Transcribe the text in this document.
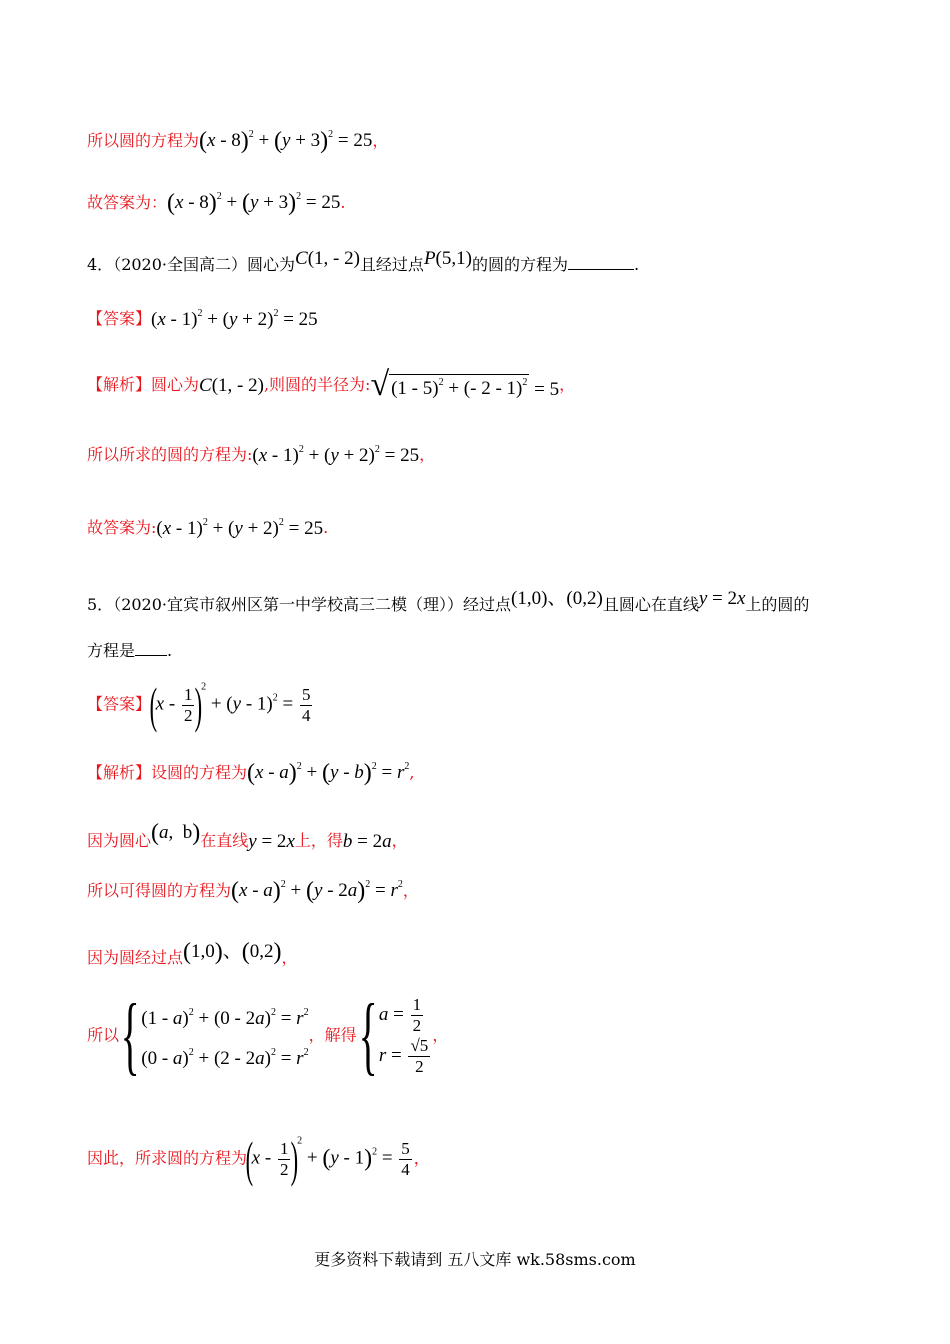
所以圆的方程为$(x - 8)^2 + (y + 3)^2 = 25$，
故答案为：$(x - 8)^2 + (y + 3)^2 = 25$.
4．（2020·全国高二）圆心为C(1, - 2)且经过点P(5,1)的圆的方程为	.
【答案】$(x - 1)^2 + (y + 2)^2 = 25$
【解析】圆心为C(1, - 2),则圆的半径为: √ (1 - 5)$^2$ + (- 2 - 1)$^2$ = 5，
所以所求的圆的方程为:(x - $1)^2 + (y + 2)^2 = 25$，
故答案为:(x - $1)^2 + (y + 2)^2 = 25$.
5．（2020·宜宾市叙州区第一中学校高三二模（理））经过点(1,0)、(0,2)且圆心在直线y = 2x上的圆的
方程是 .
【答案】$(x - \frac{1}{2} )^2 + (y - 1)^2 = \frac{5}{4}$
【解析】设圆的方程为$(x - a)^2 + (y - b)^2 = r^2$,
因为圆心(a,  b)在直线y = 2x上，得b = 2a，
所以可得圆的方程为$(x - a)^2 + (y - 2a)^2 = r^2$，
因为圆经过点(1,0)、(0,2)，
所以{ $(1 - a)^2 + (0 - 2a)^2 = r^2$
$(0 - a)^2 + (2 - 2a)^2 = r^2$
，解得{ $a = \frac{1}{2}$
$r = \frac{√5}{2}$
，
因此，所求圆的方程为$(x - \frac{1}{2} )^2 + (y - 1)^2 = \frac{5}{4}$ ，
更多资料下载请到 五八文库 wk.58sms.com
